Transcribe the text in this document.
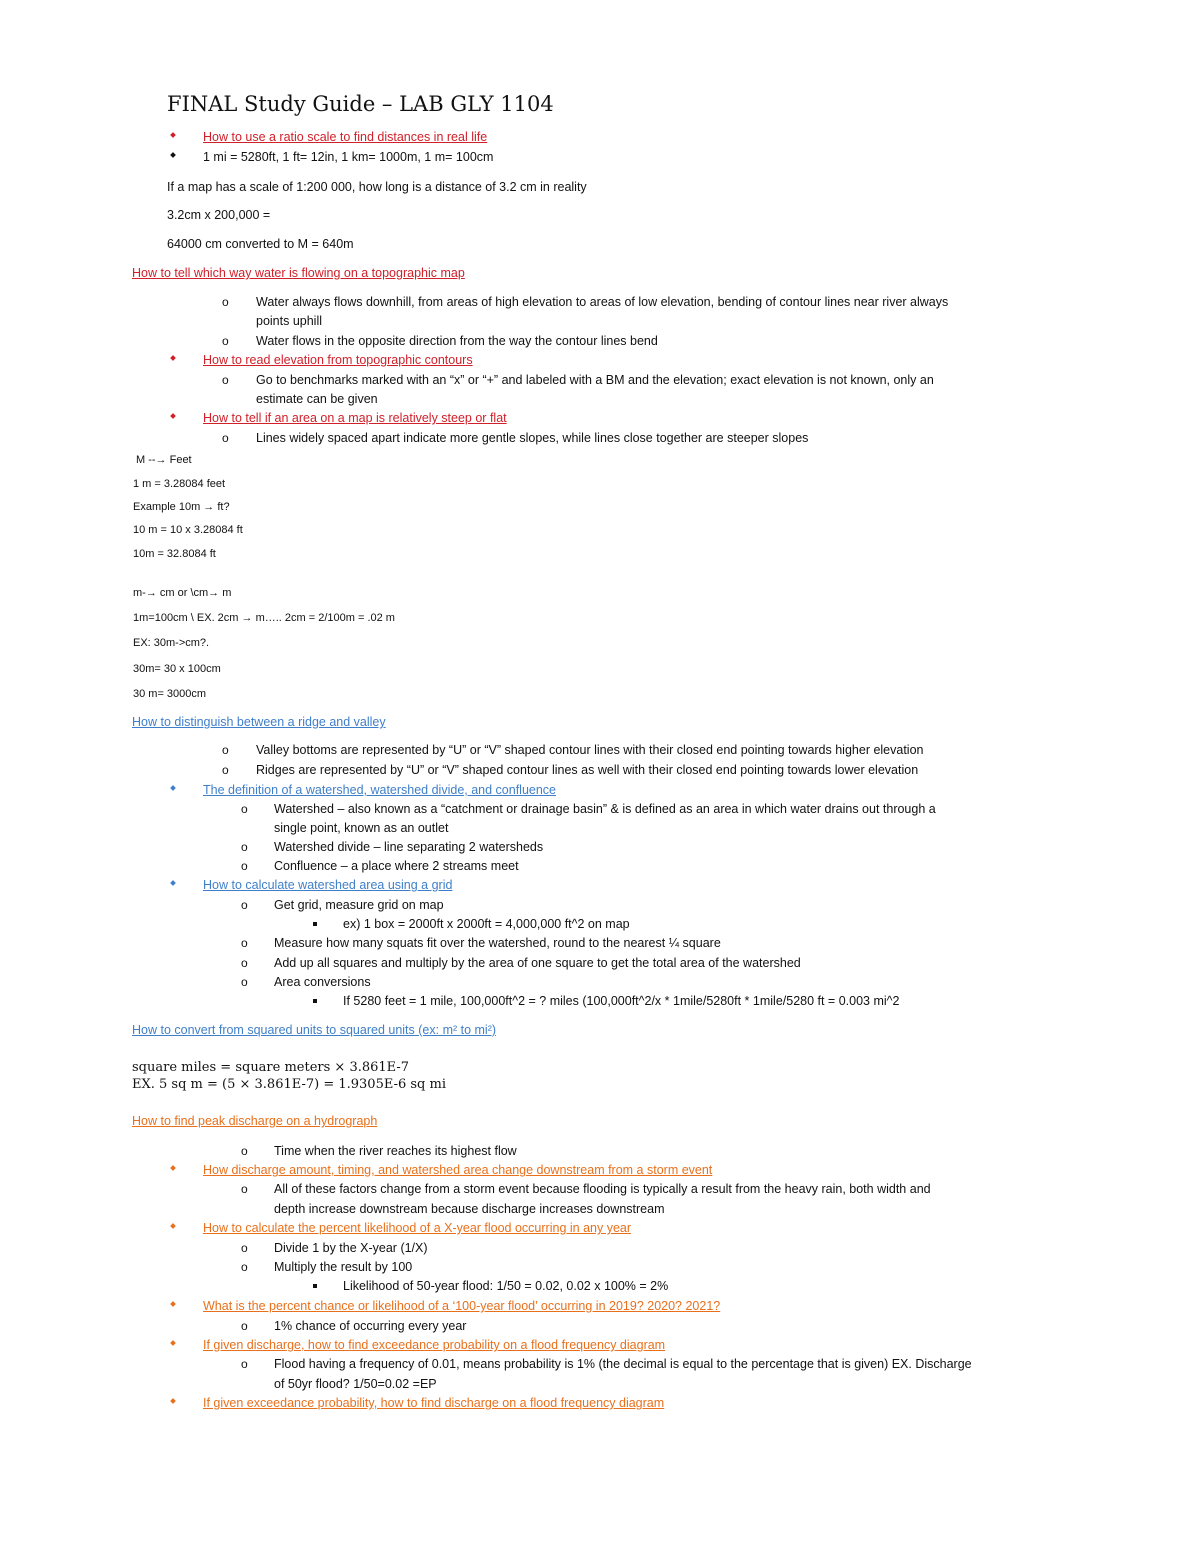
FINAL Study Guide – LAB GLY 1104
How to use a ratio scale to find distances in real life
1 mi = 5280ft, 1 ft= 12in, 1 km= 1000m, 1 m= 100cm
If a map has a scale of 1:200 000, how long is a distance of 3.2 cm in reality
3.2cm x 200,000 =
64000 cm converted to M = 640m
How to tell which way water is flowing on a topographic map
o Water always flows downhill, from areas of high elevation to areas of low elevation, bending of contour lines near river always
points uphill
o Water flows in the opposite direction from the way the contour lines bend
How to read elevation from topographic contours
o Go to benchmarks marked with an “x” or “+” and labeled with a BM and the elevation; exact elevation is not known, only an
estimate can be given
How to tell if an area on a map is relatively steep or flat
o Lines widely spaced apart indicate more gentle slopes, while lines close together are steeper slopes
M --→ Feet
1 m = 3.28084 feet
Example 10m → ft?
10 m = 10 x 3.28084 ft
10m = 32.8084 ft
m-→ cm or \cm→ m
1m=100cm \ EX. 2cm → m….. 2cm = 2/100m = .02 m
EX: 30m->cm?.
30m= 30 x 100cm
30 m= 3000cm
How to distinguish between a ridge and valley
o Valley bottoms are represented by “U” or “V” shaped contour lines with their closed end pointing towards higher elevation
o Ridges are represented by “U” or “V” shaped contour lines as well with their closed end pointing towards lower elevation
The definition of a watershed, watershed divide, and confluence
o Watershed – also known as a “catchment or drainage basin” & is defined as an area in which water drains out through a
single point, known as an outlet
o Watershed divide – line separating 2 watersheds
o Confluence – a place where 2 streams meet
How to calculate watershed area using a grid
o Get grid, measure grid on map
ex) 1 box = 2000ft x 2000ft = 4,000,000 ft^2 on map
o Measure how many squats fit over the watershed, round to the nearest ¼ square
o Add up all squares and multiply by the area of one square to get the total area of the watershed
o Area conversions
If 5280 feet = 1 mile, 100,000ft^2 = ? miles (100,000ft^2/x * 1mile/5280ft * 1mile/5280 ft = 0.003 mi^2
How to convert from squared units to squared units (ex: m² to mi²)
square miles = square meters × 3.861E-7
EX. 5 sq m = (5 × 3.861E-7) = 1.9305E-6 sq mi
How to find peak discharge on a hydrograph
o Time when the river reaches its highest flow
How discharge amount, timing, and watershed area change downstream from a storm event
o All of these factors change from a storm event because flooding is typically a result from the heavy rain, both width and
depth increase downstream because discharge increases downstream
How to calculate the percent likelihood of a X-year flood occurring in any year
o Divide 1 by the X-year (1/X)
o Multiply the result by 100
Likelihood of 50-year flood: 1/50 = 0.02, 0.02 x 100% = 2%
What is the percent chance or likelihood of a ‘100-year flood’ occurring in 2019? 2020? 2021?
o 1% chance of occurring every year
If given discharge, how to find exceedance probability on a flood frequency diagram
o Flood having a frequency of 0.01, means probability is 1% (the decimal is equal to the percentage that is given) EX. Discharge
of 50yr flood? 1/50=0.02 =EP
If given exceedance probability, how to find discharge on a flood frequency diagram
